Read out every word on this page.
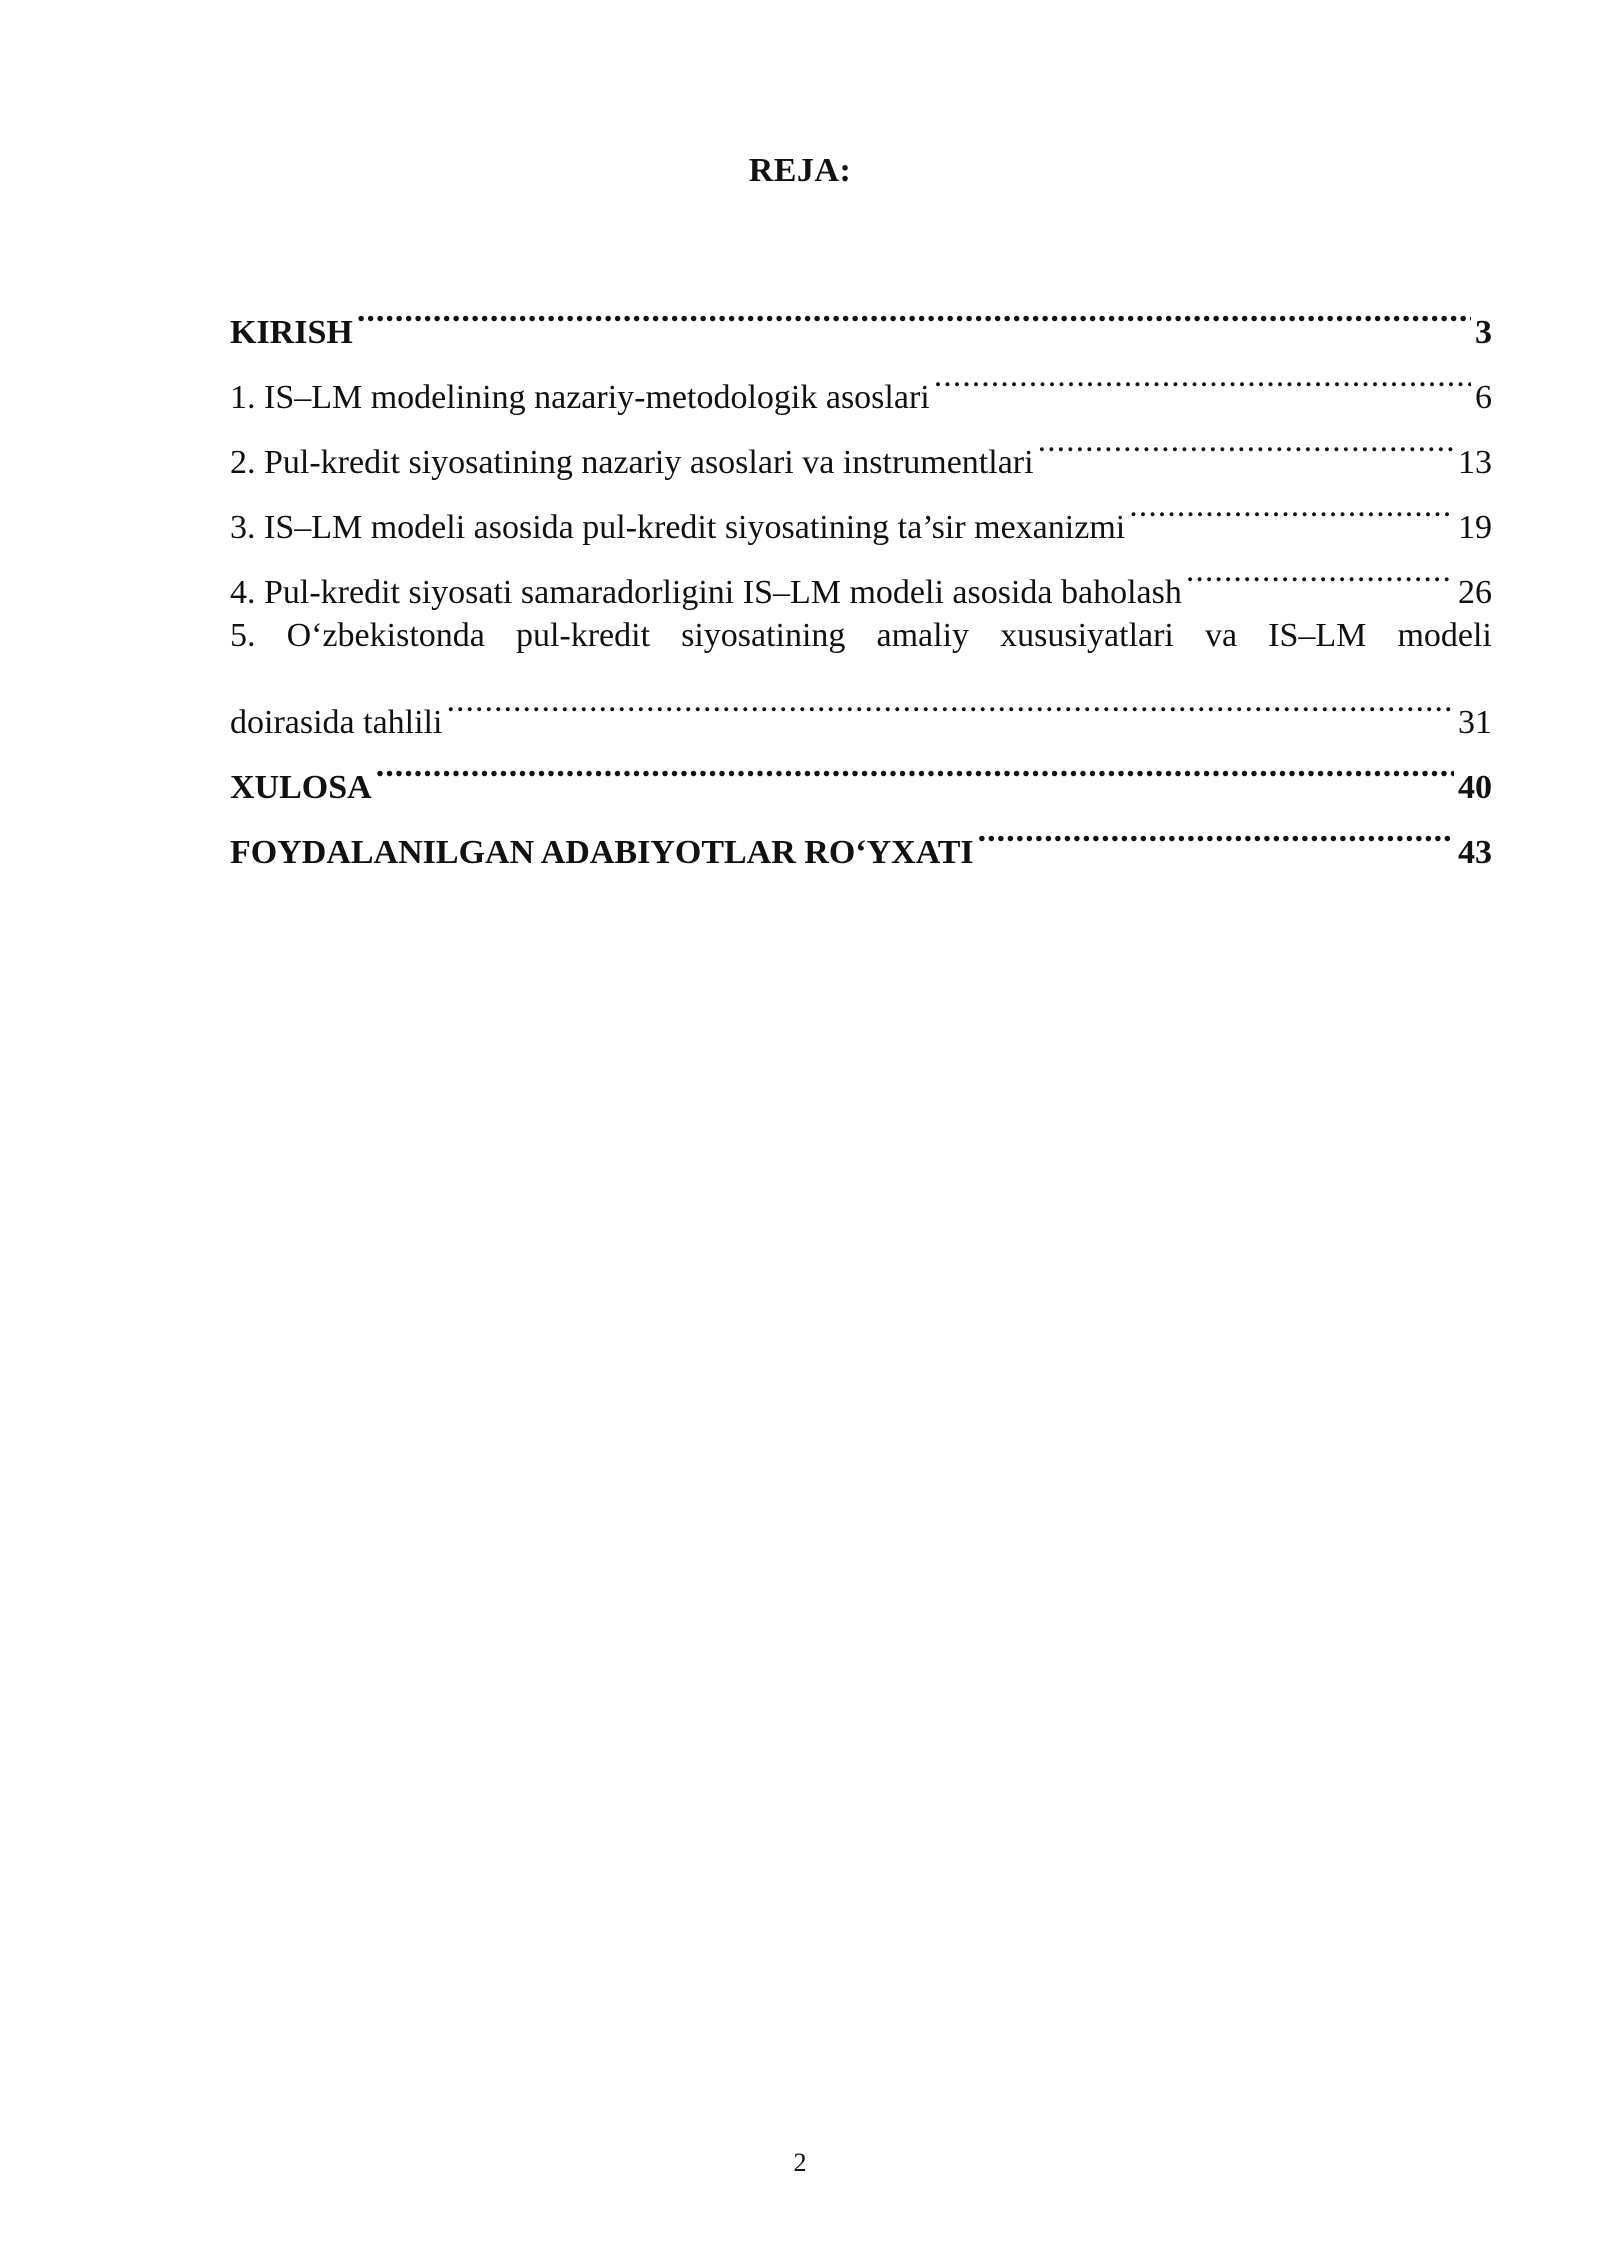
REJA:
KIRISH .....	3
1. IS–LM modelining nazariy-metodologik asoslari .....	6
2. Pul-kredit siyosatining nazariy asoslari va instrumentlari .....	13
3. IS–LM modeli asosida pul-kredit siyosatining ta’sir mexanizmi .....	19
4. Pul-kredit siyosati samaradorligini IS–LM modeli asosida baholash .....	26
5. O‘zbekistonda pul-kredit siyosatining amaliy xususiyatlari va IS–LM modeli
doirasida tahlili .....	31
XULOSA .....	40
FOYDALANILGAN ADABIYOTLAR RO‘YXATI .....	43
2
